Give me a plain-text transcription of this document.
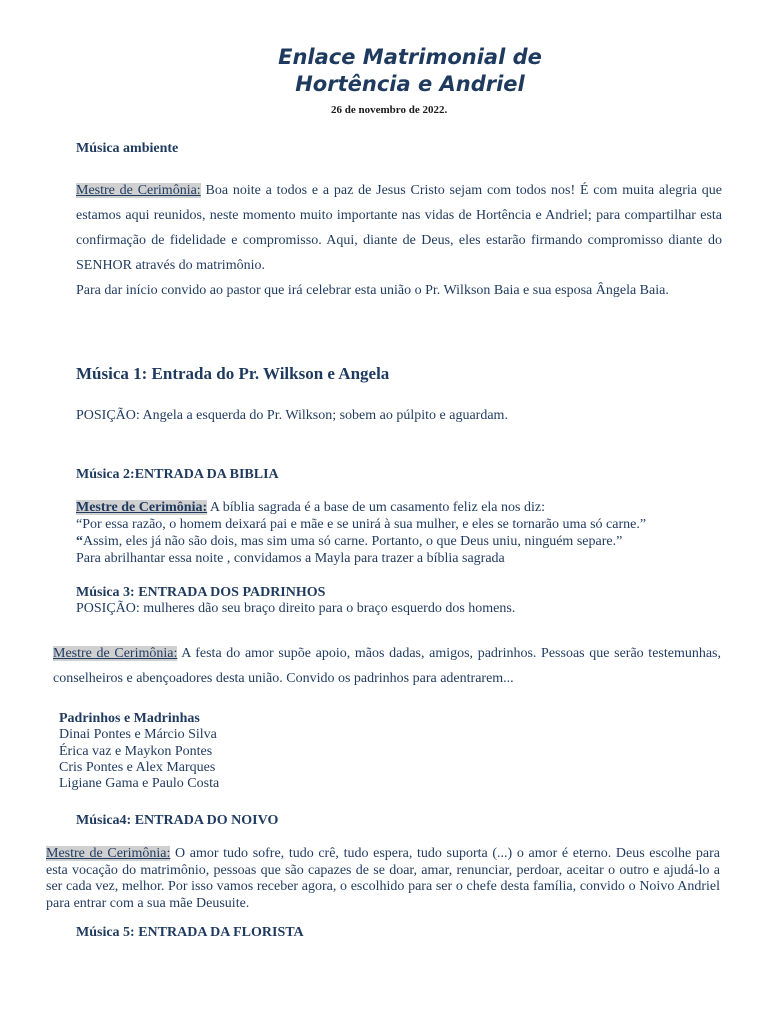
Enlace Matrimonial de
Hortência e Andriel
26 de novembro de 2022.
Música ambiente
Mestre de Cerimônia: Boa noite a todos e a paz de Jesus Cristo sejam com todos nos! É com muita alegria que estamos aqui reunidos, neste momento muito importante nas vidas de Hortência e Andriel; para compartilhar esta confirmação de fidelidade e compromisso. Aqui, diante de Deus, eles estarão firmando compromisso diante do SENHOR através do matrimônio.
Para dar início convido ao pastor que irá celebrar esta união o Pr. Wilkson Baia e sua esposa Ângela Baia.
Música 1: Entrada do Pr. Wilkson e Angela
POSIÇÃO: Angela a esquerda do Pr. Wilkson; sobem ao púlpito e aguardam.
Música 2:ENTRADA DA BIBLIA
Mestre de Cerimônia: A bíblia sagrada é a base de um casamento feliz ela nos diz:
“Por essa razão, o homem deixará pai e mãe e se unirá à sua mulher, e eles se tornarão uma só carne.”
“Assim, eles já não são dois, mas sim uma só carne. Portanto, o que Deus uniu, ninguém separe.”
Para abrilhantar essa noite , convidamos a Mayla para trazer a bíblia sagrada
Música 3: ENTRADA DOS PADRINHOS
POSIÇÃO: mulheres dão seu braço direito para o braço esquerdo dos homens.
Mestre de Cerimônia: A festa do amor supõe apoio, mãos dadas, amigos, padrinhos. Pessoas que serão testemunhas, conselheiros e abençoadores desta união. Convido os padrinhos para adentrarem...
Padrinhos e Madrinhas
Dinai Pontes e Márcio Silva
Érica vaz e Maykon Pontes
Cris Pontes e Alex Marques
Ligiane Gama e Paulo Costa
Música4: ENTRADA DO NOIVO
Mestre de Cerimônia: O amor tudo sofre, tudo crê, tudo espera, tudo suporta (...) o amor é eterno. Deus escolhe para esta vocação do matrimônio, pessoas que são capazes de se doar, amar, renunciar, perdoar, aceitar o outro e ajudá-lo a ser cada vez, melhor. Por isso vamos receber agora, o escolhido para ser o chefe desta família, convido o Noivo Andriel para entrar com a sua mãe Deusuite.
Música 5: ENTRADA DA FLORISTA
